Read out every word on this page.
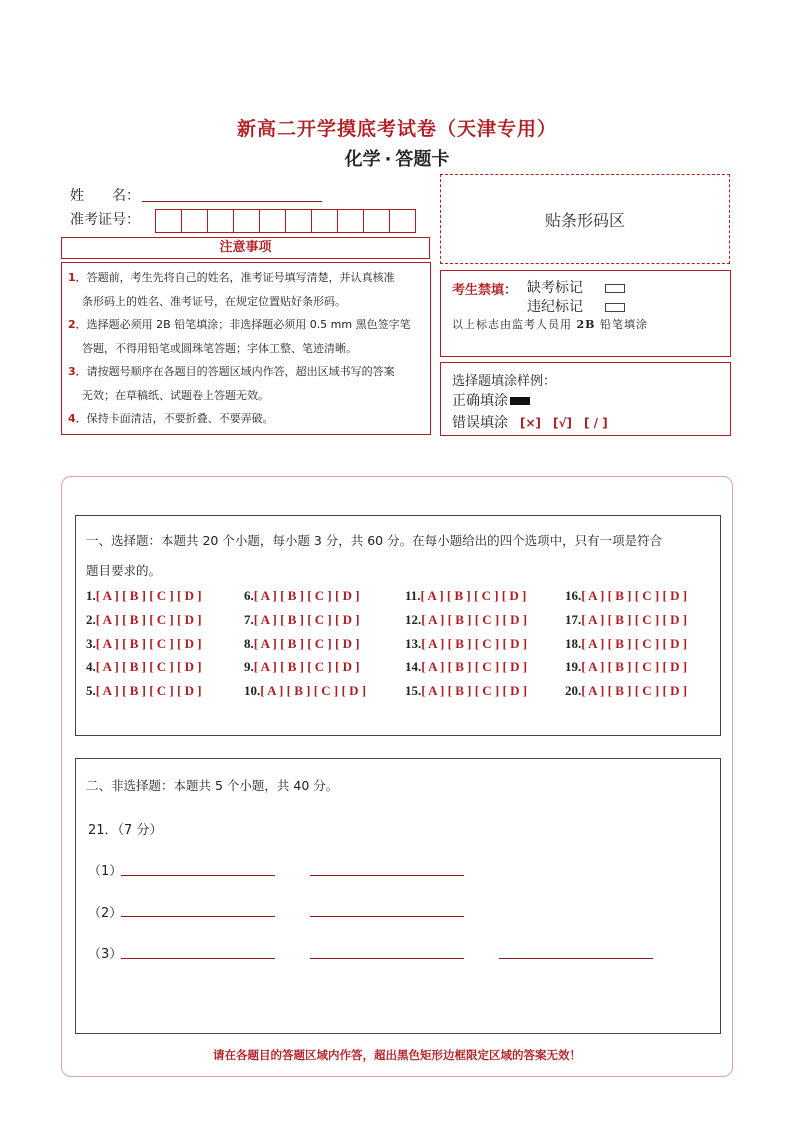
新高二开学摸底考试卷（天津专用）
化学 · 答题卡
姓　　名：
准考证号：	贴条形码区
注意事项
1．答题前，考生先将自己的姓名，准考证号填写清楚，并认真核准
条形码上的姓名、准考证号，在规定位置贴好条形码。
2．选择题必须用 2B 铅笔填涂；非选择题必须用 0.5 mm 黑色签字笔
答题，不得用铅笔或圆珠笔答题；字体工整、笔迹清晰。
3．请按题号顺序在各题目的答题区域内作答，超出区域书写的答案
无效；在草稿纸、试题卷上答题无效。
4．保持卡面清洁，不要折叠、不要弄破。
考生禁填： 缺考标记
违纪标记
以上标志由监考人员用 2B 铅笔填涂
选择题填涂样例：
正确填涂
错误填涂 [×]　[√]　[ / ]
一、选择题：本题共 20 个小题，每小题 3 分，共 60 分。在每小题给出的四个选项中，只有一项是符合
题目要求的。
1.[ A ] [ B ] [ C ] [ D ]
2.[ A ] [ B ] [ C ] [ D ]
3.[ A ] [ B ] [ C ] [ D ]
4.[ A ] [ B ] [ C ] [ D ]
5.[ A ] [ B ] [ C ] [ D ]
6.[ A ] [ B ] [ C ] [ D ]
7.[ A ] [ B ] [ C ] [ D ]
8.[ A ] [ B ] [ C ] [ D ]
9.[ A ] [ B ] [ C ] [ D ]
10.[ A ] [ B ] [ C ] [ D ]
11.[ A ] [ B ] [ C ] [ D ]
12.[ A ] [ B ] [ C ] [ D ]
13.[ A ] [ B ] [ C ] [ D ]
14.[ A ] [ B ] [ C ] [ D ]
15.[ A ] [ B ] [ C ] [ D ]
16.[ A ] [ B ] [ C ] [ D ]
17.[ A ] [ B ] [ C ] [ D ]
18.[ A ] [ B ] [ C ] [ D ]
19.[ A ] [ B ] [ C ] [ D ]
20.[ A ] [ B ] [ C ] [ D ]
二、非选择题：本题共 5 个小题，共 40 分。
21．（7 分）
（1）
（2）
（3）
请在各题目的答题区域内作答，超出黑色矩形边框限定区域的答案无效！
